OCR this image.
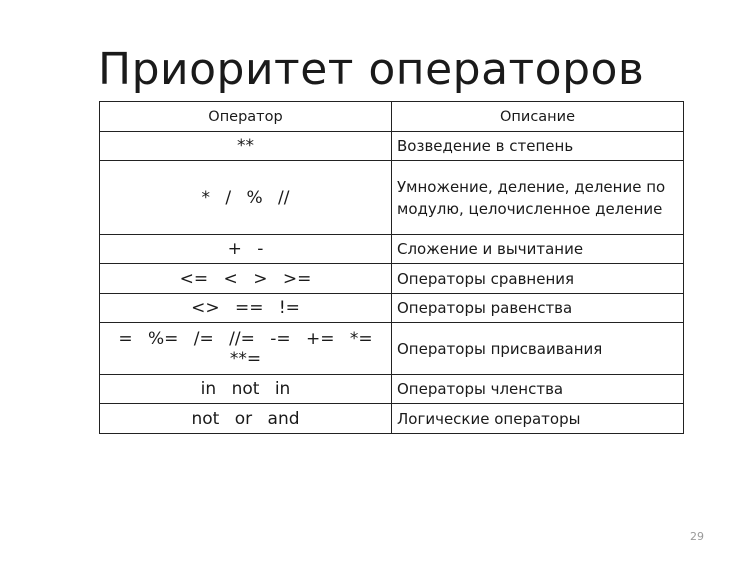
Приоритет операторов
Оператор	Описание
**	Возведение в степень
* / % //	Умножение, деление, деление по модулю, целочисленное деление
+ -	Сложение и вычитание
<= < > >=	Операторы сравнения
<> == !=	Операторы равенства
= %= /= //= -= += *= **=	Операторы присваивания
in not in	Операторы членства
not or and	Логические операторы
29
